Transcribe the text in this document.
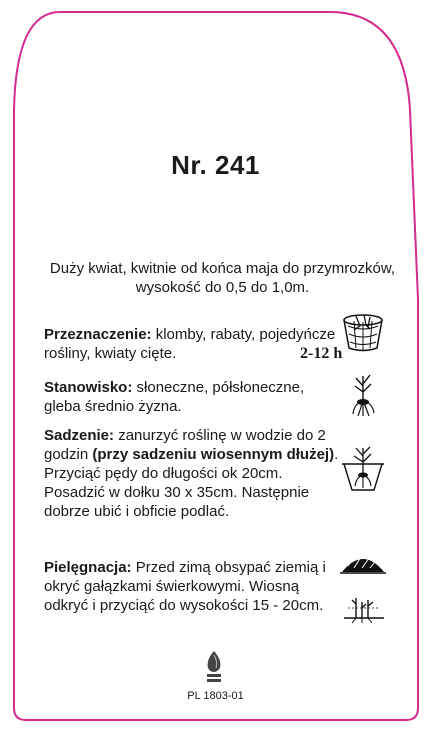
Nr. 241
Duży kwiat, kwitnie od końca maja do przymrozków, wysokość do 0,5 do 1,0m.
Przeznaczenie: klomby, rabaty, pojedyńcze rośliny, kwiaty cięte.
Stanowisko: słoneczne, półsłoneczne, gleba średnio żyzna.
Sadzenie: zanurzyć roślinę w wodzie do 2 godzin (przy sadzeniu wiosennym dłużej). Przyciąć pędy do długości ok 20cm. Posadzić w dołku 30 x 35cm. Następnie dobrze ubić i obficie podlać.
Pielęgnacja: Przed zimą obsypać ziemią i okryć gałązkami świerkowymi. Wiosną odkryć i przyciąć do wysokości 15 - 20cm.
2-12 h
PL 1803-01
